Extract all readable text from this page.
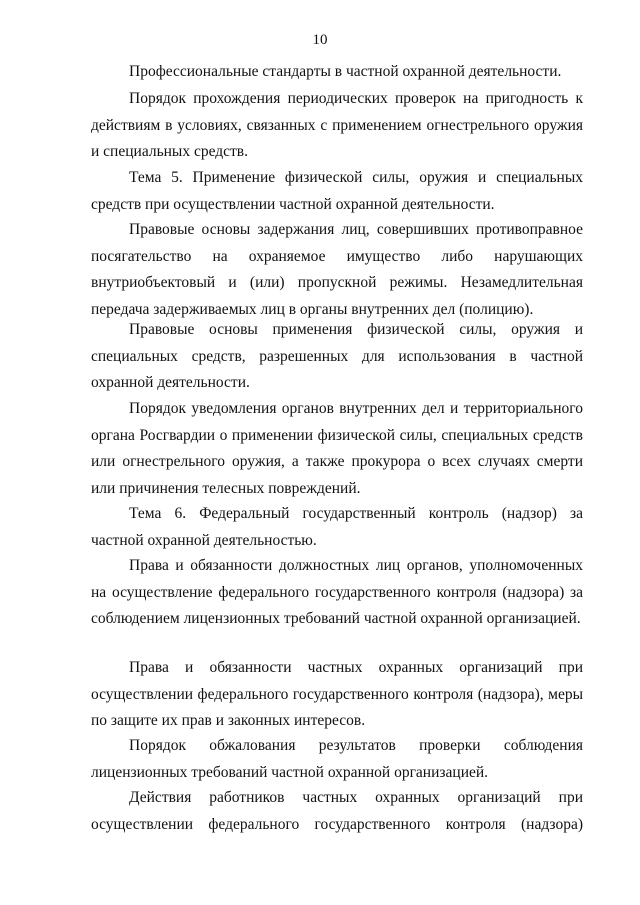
10

Профессиональные стандарты в частной охранной деятельности.

Порядок прохождения периодических проверок на пригодность к действиям в условиях, связанных с применением огнестрельного оружия и специальных средств.

Тема 5. Применение физической силы, оружия и специальных средств при осуществлении частной охранной деятельности.

Правовые основы задержания лиц, совершивших противоправное посягательство на охраняемое имущество либо нарушающих внутриобъектовый и (или) пропускной режимы. Незамедлительная передача задерживаемых лиц в органы внутренних дел (полицию).

Правовые основы применения физической силы, оружия и специальных средств, разрешенных для использования в частной охранной деятельности.

Порядок уведомления органов внутренних дел и территориального органа Росгвардии о применении физической силы, специальных средств или огнестрельного оружия, а также прокурора о всех случаях смерти или причинения телесных повреждений.

Тема 6. Федеральный государственный контроль (надзор) за частной охранной деятельностью.

Права и обязанности должностных лиц органов, уполномоченных на осуществление федерального государственного контроля (надзора) за соблюдением лицензионных требований частной охранной организацией.

Права и обязанности частных охранных организаций при осуществлении федерального государственного контроля (надзора), меры по защите их прав и законных интересов.

Порядок обжалования результатов проверки соблюдения лицензионных требований частной охранной организацией.

Действия работников частных охранных организаций при осуществлении федерального государственного контроля (надзора)
